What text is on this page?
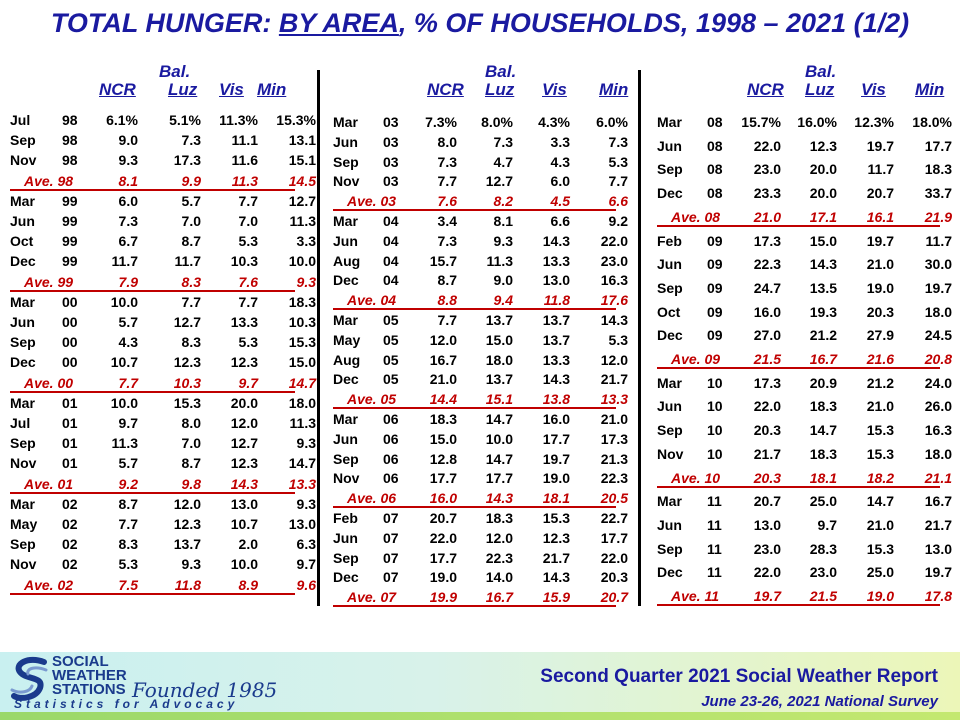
TOTAL HUNGER: BY AREA, % OF HOUSEHOLDS, 1998 – 2021 (1/2)
Bal.
NCR Luz Vis Min
Jul 98	6.1%	5.1%	11.3%	15.3%
Sep 98	9.0	7.3	11.1	13.1
Nov 98	9.3	17.3	11.6	15.1
Ave. 98	8.1	9.9	11.3	14.5
Mar 99	6.0	5.7	7.7	12.7
Jun 99	7.3	7.0	7.0	11.3
Oct 99	6.7	8.7	5.3	3.3
Dec 99	11.7	11.7	10.3	10.0
Ave. 99	7.9	8.3	7.6	9.3
Mar 00	10.0	7.7	7.7	18.3
Jun 00	5.7	12.7	13.3	10.3
Sep 00	4.3	8.3	5.3	15.3
Dec 00	10.7	12.3	12.3	15.0
Ave. 00	7.7	10.3	9.7	14.7
Mar 01	10.0	15.3	20.0	18.0
Jul 01	9.7	8.0	12.0	11.3
Sep 01	11.3	7.0	12.7	9.3
Nov 01	5.7	8.7	12.3	14.7
Ave. 01	9.2	9.8	14.3	13.3
Mar 02	8.7	12.0	13.0	9.3
May 02	7.7	12.3	10.7	13.0
Sep 02	8.3	13.7	2.0	6.3
Nov 02	5.3	9.3	10.0	9.7
Ave. 02	7.5	11.8	8.9	9.6
Bal.
NCR Luz Vis Min
Mar 03	7.3%	8.0%	4.3%	6.0%
Jun 03	8.0	7.3	3.3	7.3
Sep 03	7.3	4.7	4.3	5.3
Nov 03	7.7	12.7	6.0	7.7
Ave. 03	7.6	8.2	4.5	6.6
Mar 04	3.4	8.1	6.6	9.2
Jun 04	7.3	9.3	14.3	22.0
Aug 04	15.7	11.3	13.3	23.0
Dec 04	8.7	9.0	13.0	16.3
Ave. 04	8.8	9.4	11.8	17.6
Mar 05	7.7	13.7	13.7	14.3
May 05	12.0	15.0	13.7	5.3
Aug 05	16.7	18.0	13.3	12.0
Dec 05	21.0	13.7	14.3	21.7
Ave. 05	14.4	15.1	13.8	13.3
Mar 06	18.3	14.7	16.0	21.0
Jun 06	15.0	10.0	17.7	17.3
Sep 06	12.8	14.7	19.7	21.3
Nov 06	17.7	17.7	19.0	22.3
Ave. 06	16.0	14.3	18.1	20.5
Feb 07	20.7	18.3	15.3	22.7
Jun 07	22.0	12.0	12.3	17.7
Sep 07	17.7	22.3	21.7	22.0
Dec 07	19.0	14.0	14.3	20.3
Ave. 07	19.9	16.7	15.9	20.7
Bal.
NCR Luz Vis Min
Mar 08	15.7%	16.0%	12.3%	18.0%
Jun 08	22.0	12.3	19.7	17.7
Sep 08	23.0	20.0	11.7	18.3
Dec 08	23.3	20.0	20.7	33.7
Ave. 08	21.0	17.1	16.1	21.9
Feb 09	17.3	15.0	19.7	11.7
Jun 09	22.3	14.3	21.0	30.0
Sep 09	24.7	13.5	19.0	19.7
Oct 09	16.0	19.3	20.3	18.0
Dec 09	27.0	21.2	27.9	24.5
Ave. 09	21.5	16.7	21.6	20.8
Mar 10	17.3	20.9	21.2	24.0
Jun 10	22.0	18.3	21.0	26.0
Sep 10	20.3	14.7	15.3	16.3
Nov 10	21.7	18.3	15.3	18.0
Ave. 10	20.3	18.1	18.2	21.1
Mar 11	20.7	25.0	14.7	16.7
Jun 11	13.0	9.7	21.0	21.7
Sep 11	23.0	28.3	15.3	13.0
Dec 11	22.0	23.0	25.0	19.7
Ave. 11	19.7	21.5	19.0	17.8
SOCIAL
WEATHER
STATIONS Founded 1985
Statistics for Advocacy
Second Quarter 2021 Social Weather Report
June 23-26, 2021 National Survey
